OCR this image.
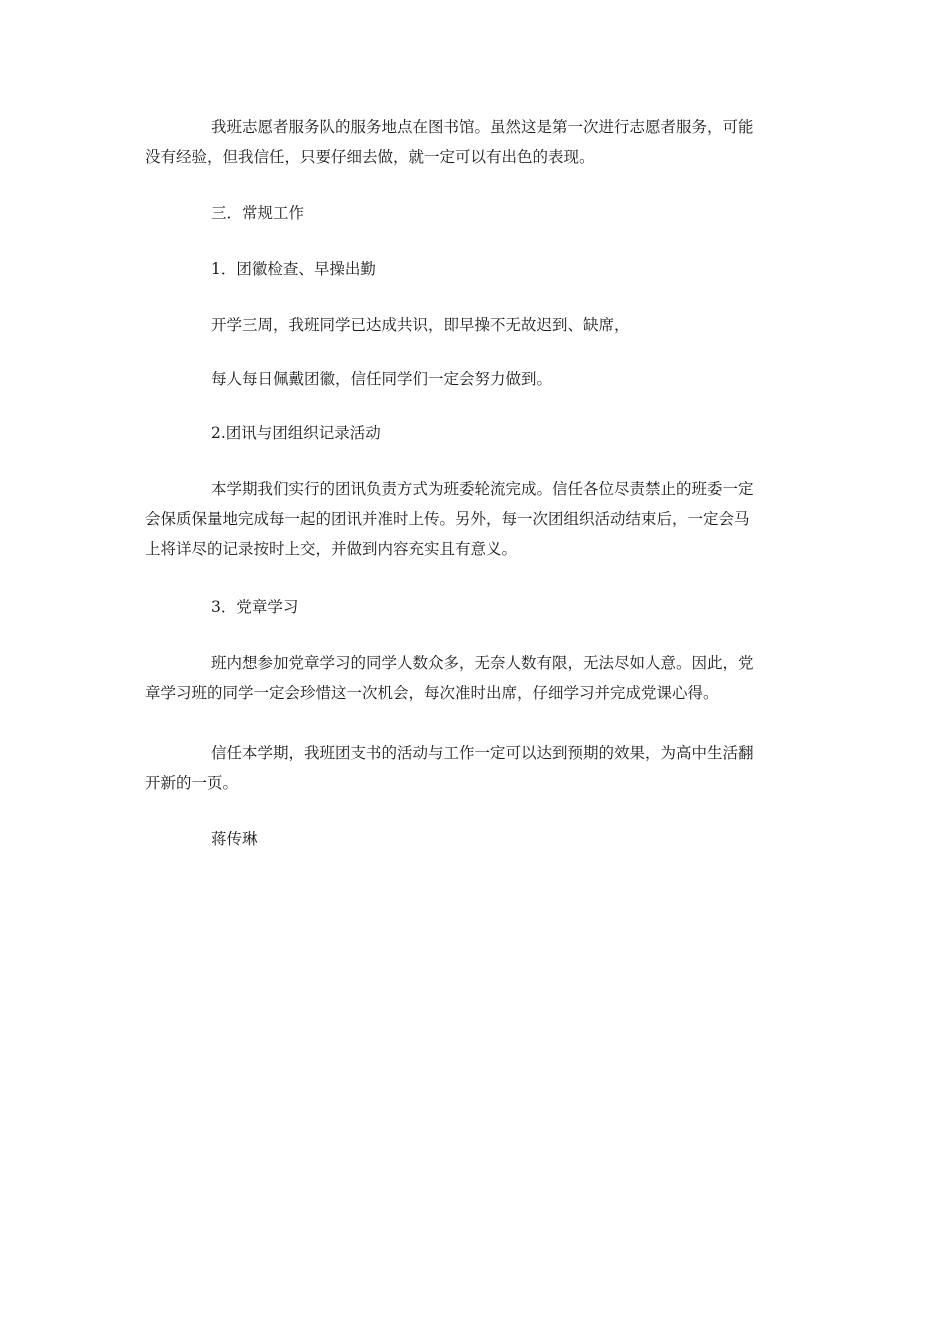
我班志愿者服务队的服务地点在图书馆。虽然这是第一次进行志愿者服务，可能
没有经验，但我信任，只要仔细去做，就一定可以有出色的表现。
三．常规工作
1．团徽检查、早操出勤
开学三周，我班同学已达成共识，即早操不无故迟到、缺席，
每人每日佩戴团徽，信任同学们一定会努力做到。
2.团讯与团组织记录活动
本学期我们实行的团讯负责方式为班委轮流完成。信任各位尽责禁止的班委一定
会保质保量地完成每一起的团讯并准时上传。另外，每一次团组织活动结束后，一定会马
上将详尽的记录按时上交，并做到内容充实且有意义。
3．党章学习
班内想参加党章学习的同学人数众多，无奈人数有限，无法尽如人意。因此，党
章学习班的同学一定会珍惜这一次机会，每次准时出席，仔细学习并完成党课心得。
信任本学期，我班团支书的活动与工作一定可以达到预期的效果，为高中生活翻
开新的一页。
蒋传琳
